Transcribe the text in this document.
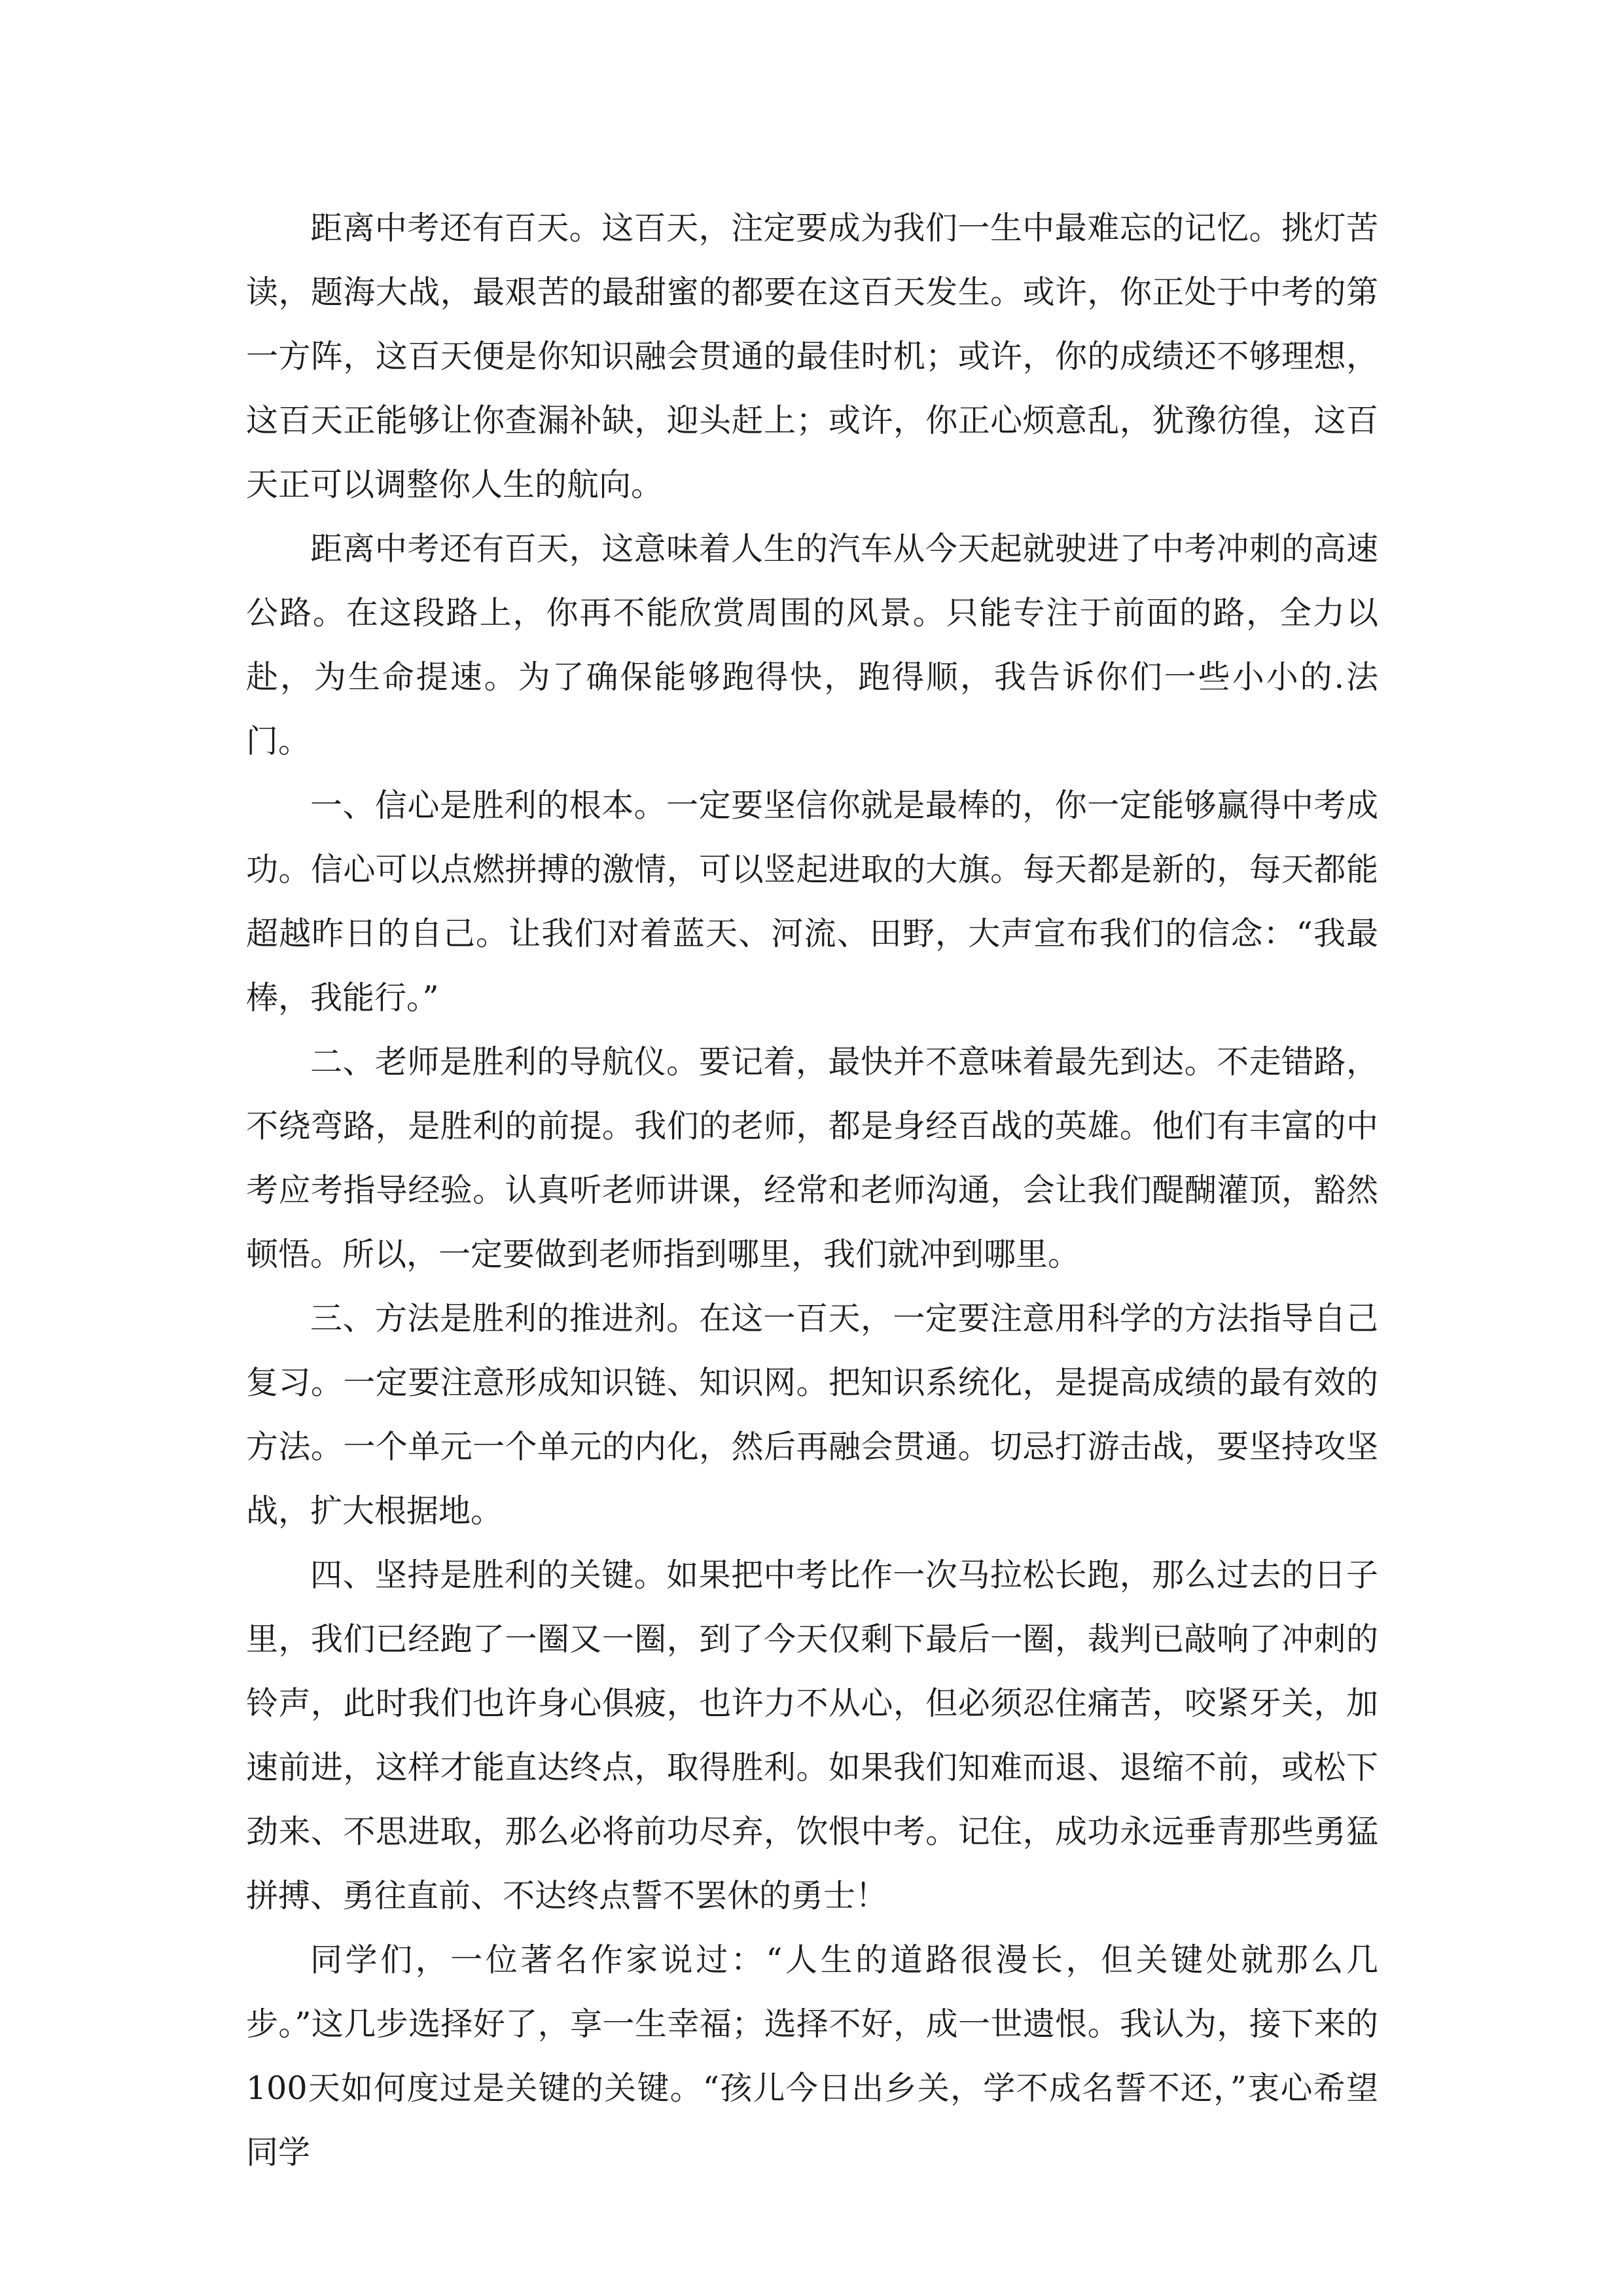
距离中考还有百天。这百天，注定要成为我们一生中最难忘的记忆。挑灯苦读，题海大战，最艰苦的最甜蜜的都要在这百天发生。或许，你正处于中考的第一方阵，这百天便是你知识融会贯通的最佳时机；或许，你的成绩还不够理想，这百天正能够让你查漏补缺，迎头赶上；或许，你正心烦意乱，犹豫彷徨，这百天正可以调整你人生的航向。

距离中考还有百天，这意味着人生的汽车从今天起就驶进了中考冲刺的高速公路。在这段路上，你再不能欣赏周围的风景。只能专注于前面的路，全力以赴，为生命提速。为了确保能够跑得快，跑得顺，我告诉你们一些小小的.法门。

一、信心是胜利的根本。一定要坚信你就是最棒的，你一定能够赢得中考成功。信心可以点燃拼搏的激情，可以竖起进取的大旗。每天都是新的，每天都能超越昨日的自己。让我们对着蓝天、河流、田野，大声宣布我们的信念：“我最棒，我能行。”

二、老师是胜利的导航仪。要记着，最快并不意味着最先到达。不走错路，不绕弯路，是胜利的前提。我们的老师，都是身经百战的英雄。他们有丰富的中考应考指导经验。认真听老师讲课，经常和老师沟通，会让我们醍醐灌顶，豁然顿悟。所以，一定要做到老师指到哪里，我们就冲到哪里。

三、方法是胜利的推进剂。在这一百天，一定要注意用科学的方法指导自己复习。一定要注意形成知识链、知识网。把知识系统化，是提高成绩的最有效的方法。一个单元一个单元的内化，然后再融会贯通。切忌打游击战，要坚持攻坚战，扩大根据地。

四、坚持是胜利的关键。如果把中考比作一次马拉松长跑，那么过去的日子里，我们已经跑了一圈又一圈，到了今天仅剩下最后一圈，裁判已敲响了冲刺的铃声，此时我们也许身心俱疲，也许力不从心，但必须忍住痛苦，咬紧牙关，加速前进，这样才能直达终点，取得胜利。如果我们知难而退、退缩不前，或松下劲来、不思进取，那么必将前功尽弃，饮恨中考。记住，成功永远垂青那些勇猛拼搏、勇往直前、不达终点誓不罢休的勇士！

同学们，一位著名作家说过：“人生的道路很漫长，但关键处就那么几步。”这几步选择好了，享一生幸福；选择不好，成一世遗恨。我认为，接下来的100天如何度过是关键的关键。“孩儿今日出乡关，学不成名誓不还，”衷心希望同学
